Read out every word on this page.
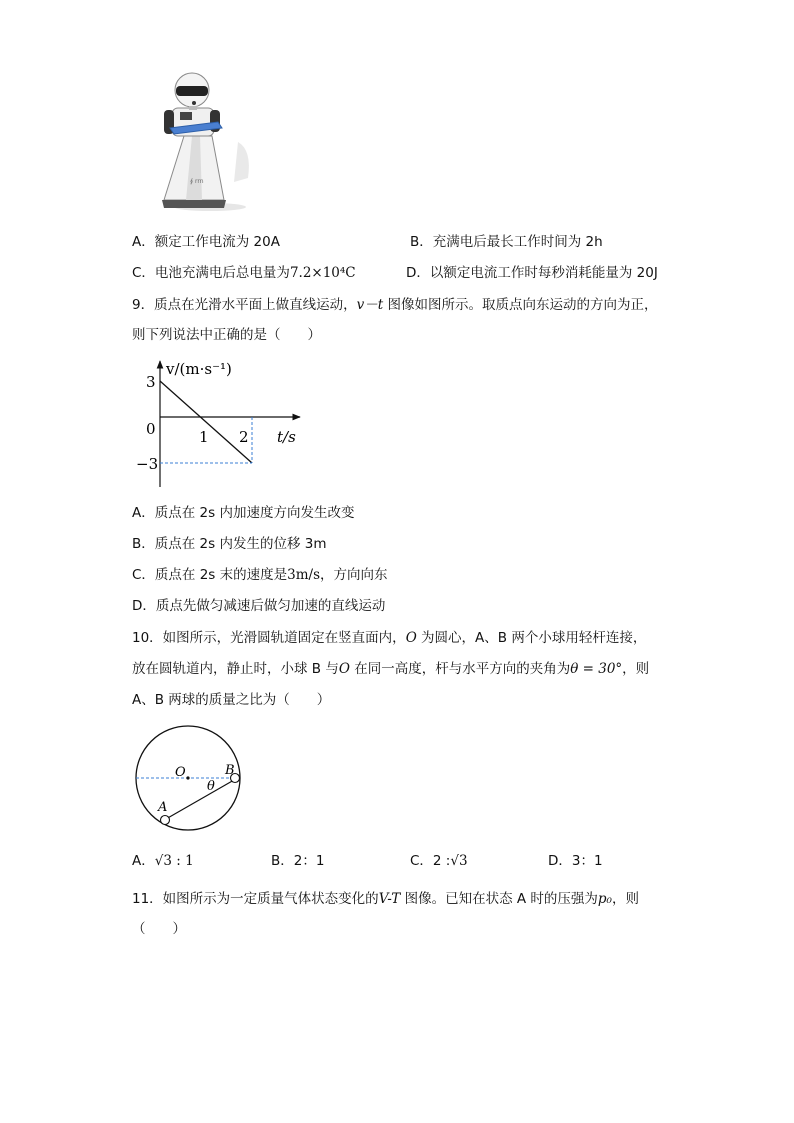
∮ rrn
A．额定工作电流为 20A	B．充满电后最长工作时间为 2h
C．电池充满电后总电量为7.2×10⁴C	D．以额定电流工作时每秒消耗能量为 20J
9．质点在光滑水平面上做直线运动，v－t 图像如图所示。取质点向东运动的方向为正，
则下列说法中正确的是（　　）
v/(m·s⁻¹)
t/s
3
0
−3
1 2
A．质点在 2s 内加速度方向发生改变
B．质点在 2s 内发生的位移 3m
C．质点在 2s 末的速度是3m/s，方向向东
D．质点先做匀减速后做匀加速的直线运动
10．如图所示，光滑圆轨道固定在竖直面内，O 为圆心，A、B 两个小球用轻杆连接，
放在圆轨道内，静止时，小球 B 与O 在同一高度，杆与水平方向的夹角为θ = 30°，则
A、B 两球的质量之比为（　　）
O	B
A
θ
A．√3 : 1	B．2：1	C．2 :√3	D．3：1
11．如图所示为一定质量气体状态变化的V-T 图像。已知在状态 A 时的压强为p₀，则
（　　）
